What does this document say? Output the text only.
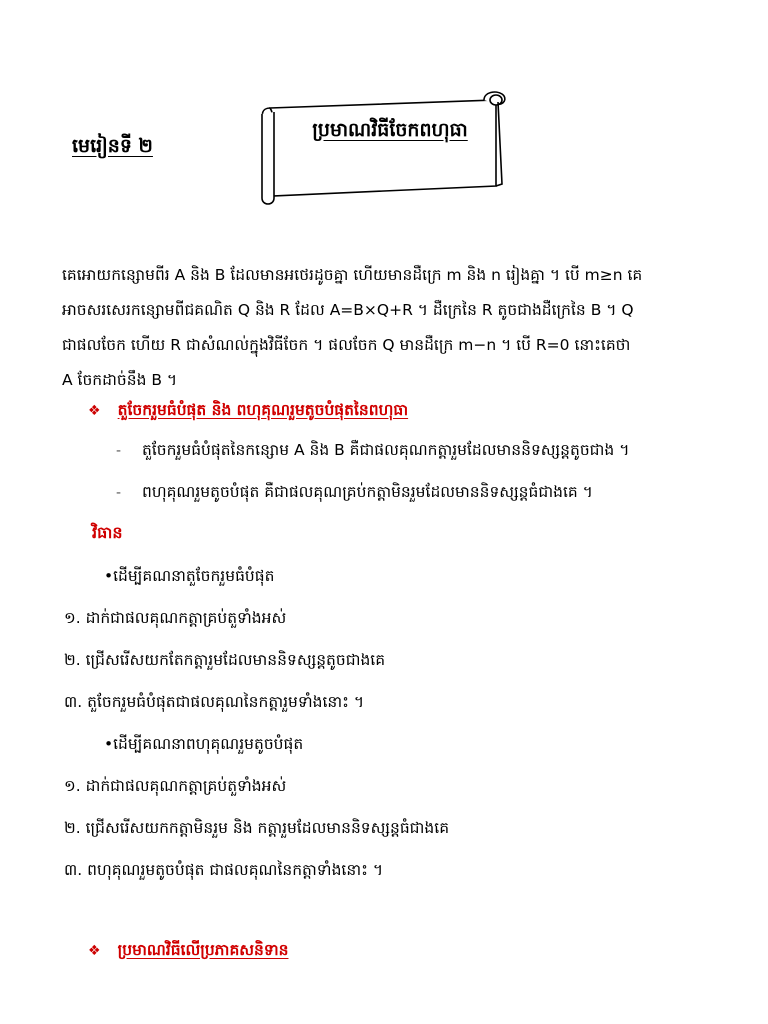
មេរៀនទី ២
ប្រមាណវិធីចែកពហុធា

គេអោយកន្សោមពីរ A និង B ដែលមានអថេរដូចគ្នា ហើយមានដឺក្រេ m និង n រៀងគ្នា ។ បើ m≥n គេ

អាចសរសេរកន្សោមពីជគណិត Q និង R ដែល A=B×Q+R ។ ដឺក្រេនៃ R តូចជាងដឺក្រេនៃ B ។ Q

ជាផលចែក ហើយ R ជាសំណល់ក្នុងវិធីចែក ។ ផលចែក Q មានដឺក្រេ m−n ។ បើ R=0 នោះគេថា

A ចែកដាច់នឹង B ។

❖ តួចែករួមធំបំផុត និង ពហុគុណរួមតូចបំផុតនៃពហុធា
- តួចែករួមធំបំផុតនៃកន្សោម A និង B គឺជាផលគុណកត្តារួមដែលមាននិទស្សន្តតូចជាង ។
- ពហុគុណរួមតូចបំផុត គឺជាផលគុណគ្រប់កត្តាមិនរួមដែលមាននិទស្សន្តធំជាងគេ ។
វិធាន
•ដើម្បីគណនាតួចែករួមធំបំផុត
១. ដាក់ជាផលគុណកត្តាគ្រប់តួទាំងអស់
២. ជ្រើសរើសយកតែកត្តារួមដែលមាននិទស្សន្តតូចជាងគេ
៣. តួចែករួមធំបំផុតជាផលគុណនៃកត្តារួមទាំងនោះ ។
•ដើម្បីគណនាពហុគុណរួមតូចបំផុត
១. ដាក់ជាផលគុណកត្តាគ្រប់តួទាំងអស់
២. ជ្រើសរើសយកកត្តាមិនរួម និង កត្តារួមដែលមាននិទស្សន្តធំជាងគេ
៣. ពហុគុណរួមតូចបំផុត ជាផលគុណនៃកត្តាទាំងនោះ ។
❖ ប្រមាណវិធីលើប្រភាគសនិទាន
